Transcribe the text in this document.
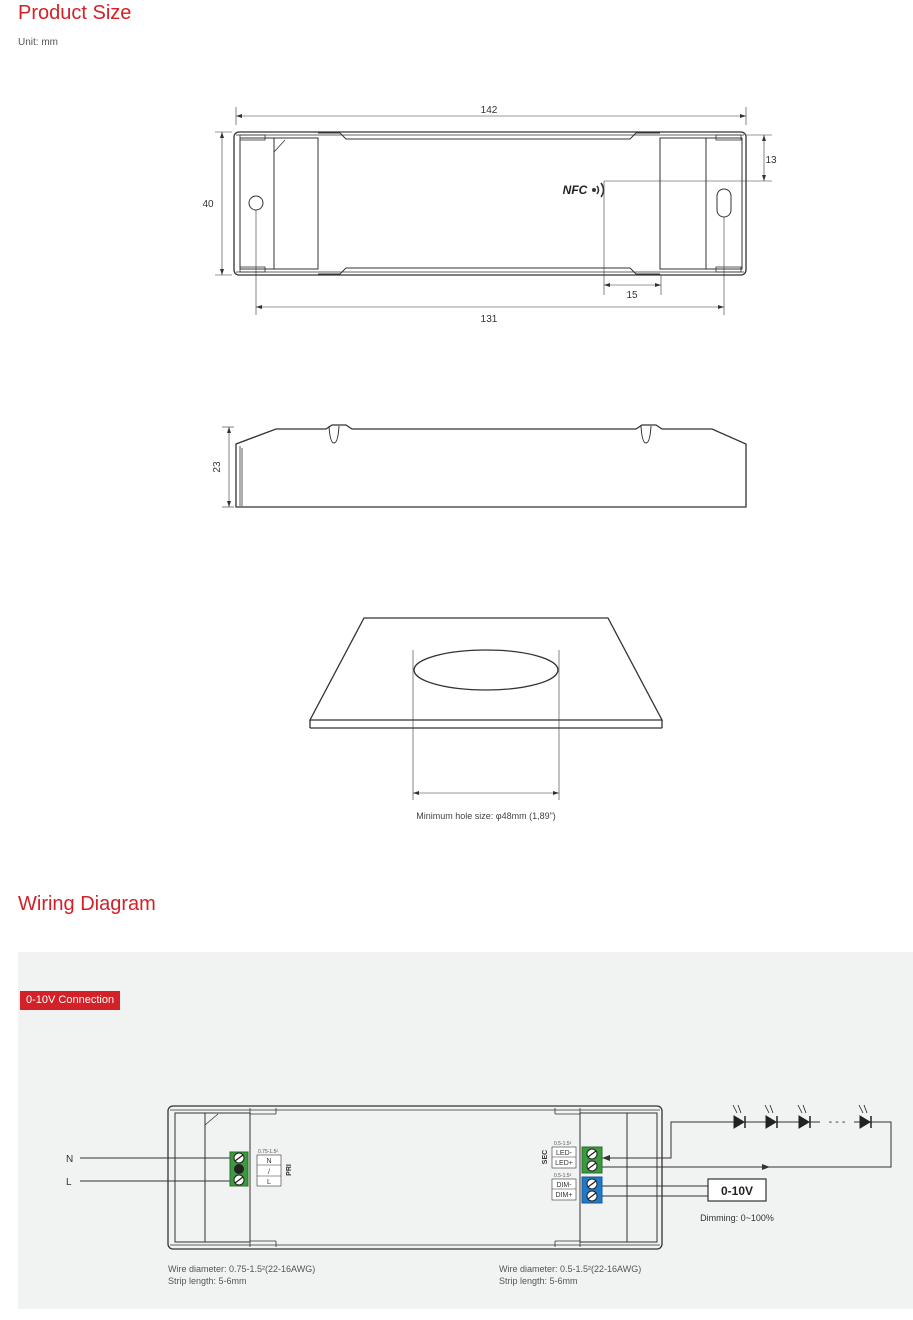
Product Size
Unit: mm
142
40
13
15
131
NFC
23
Minimum hole size: φ48mm (1,89")
Wiring Diagram
0-10V Connection
- - -
N
L
0.75-1.5²
N
/
L
PRI
0.5-1.5²
LED-
LED+
SEC
0.5-1.5²
DIM-
DIM+	0-10V
Dimming: 0~100%
Wire diameter: 0.75-1.5²(22-16AWG)
Strip length: 5-6mm
Wire diameter: 0.5-1.5²(22-16AWG)
Strip length: 5-6mm
